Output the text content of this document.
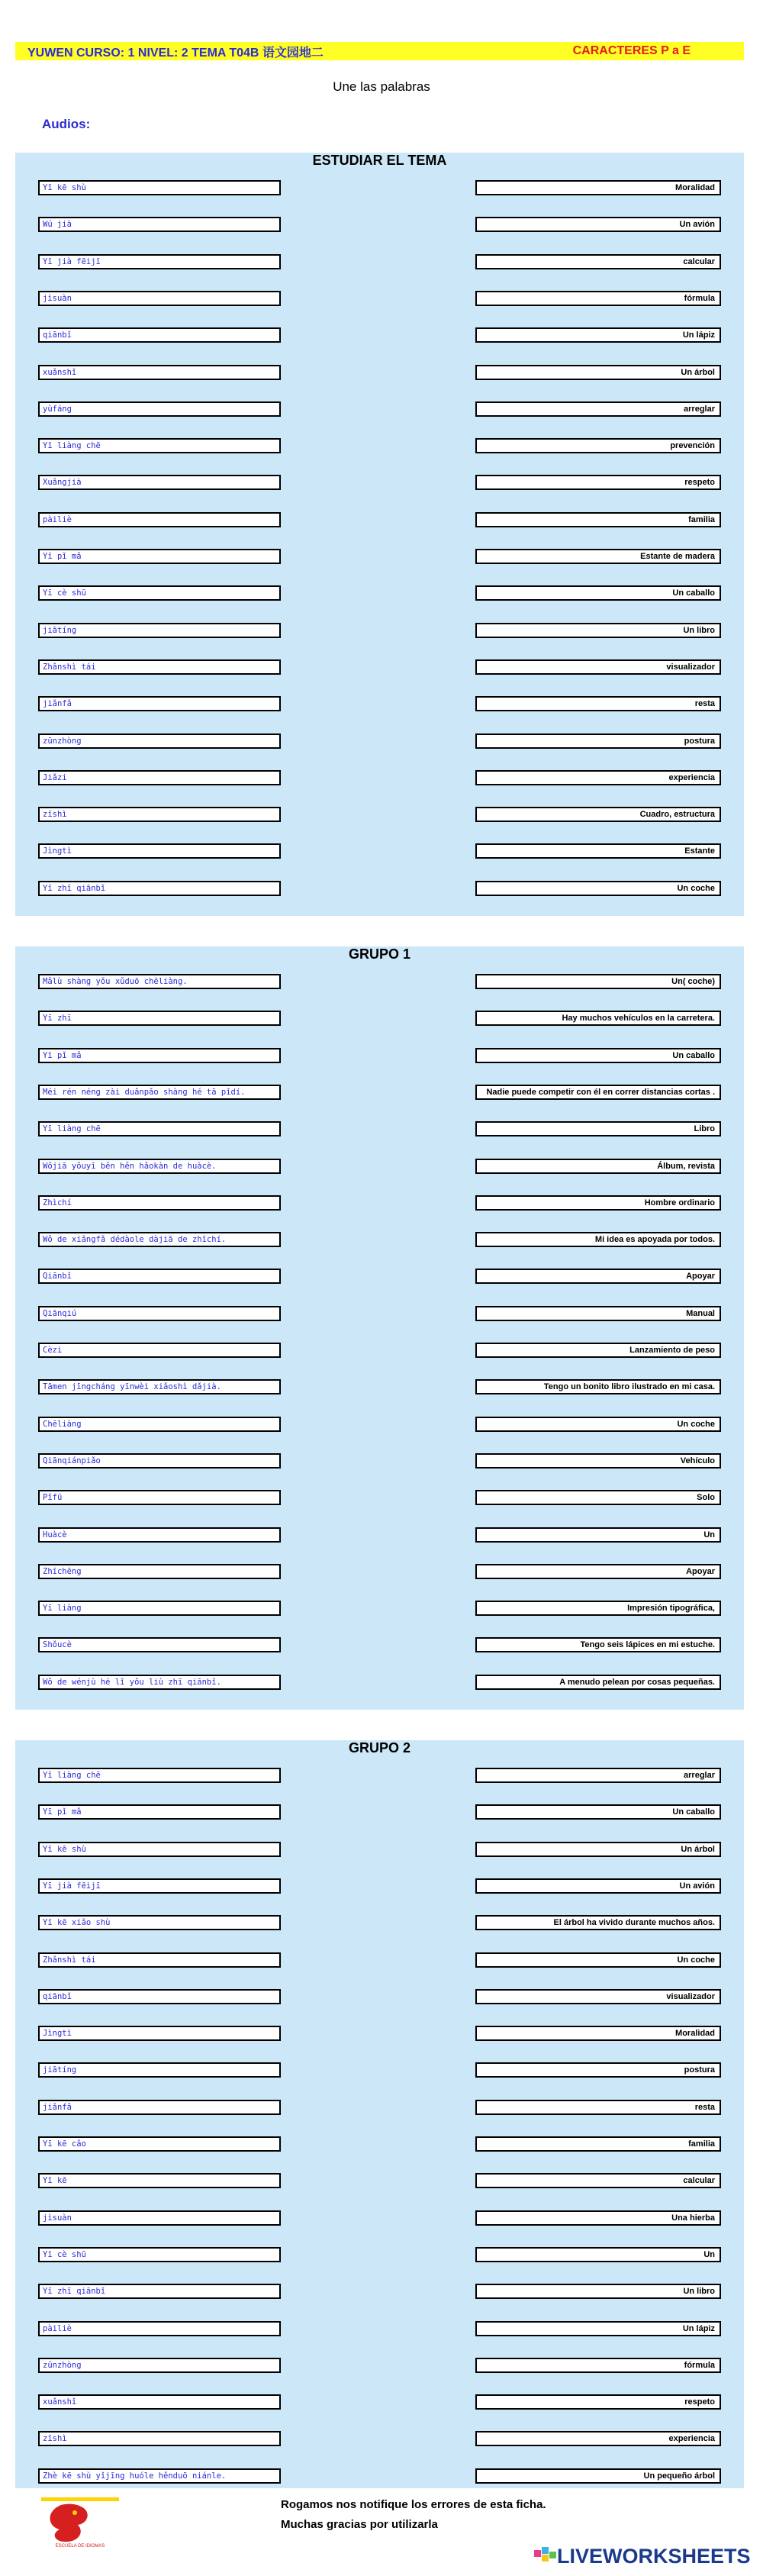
YUWEN CURSO: 1 NIVEL: 2 TEMA T04B 语文园地二	CARACTERES P a E
Une las palabras
Audios:
ESTUDIAR EL TEMA
Yī kē shù	Moralidad
Wú jià	Un avión
Yī jià fēijī	calcular
jìsuàn	fórmula
qiānbǐ	Un lápiz
xuǎnshǐ	Un árbol
yùfáng	arreglar
Yī liàng chē	prevención
Xuǎngjià	respeto
pàiliè	familia
Yī pǐ mǎ	Estante de madera
Yī cè shū	Un caballo
jiātíng	Un libro
Zhǎnshì tái	visualizador
jiǎnfǎ	resta
zūnzhòng	postura
Jiǎzi	experiencia
zīshì	Cuadro, estructura
Jìngtì	Estante
Yī zhī qiānbǐ	Un coche
GRUPO 1
Mǎlù shàng yǒu xǔduō chēliàng.	Un( coche)
Yī zhī	Hay muchos vehículos en la carretera.
Yī pǐ mǎ	Un caballo
Méi rén néng zài duǎnpǎo shàng hé tā pǐdí.	Nadie puede competir con él en correr distancias cortas .
Yī liàng chē	Libro
Wǒjiā yǒuyī běn hěn hǎokàn de huàcè.	Álbum, revista
Zhìchí	Hombre ordinario
Wǒ de xiǎngfǎ dédàole dàjiā de zhīchí.	Mi idea es apoyada por todos.
Qiānbǐ	Apoyar
Qiānqiú	Manual
Cèzi	Lanzamiento de peso
Tāmen jīngcháng yīnwèi xiǎoshì dǎjià.	Tengo un bonito libro ilustrado en mi casa.
Chēliàng	Un coche
Qiānqiánpiǎo	Vehículo
Pǐfū	Solo
Huàcè	Un
Zhīchēng	Apoyar
Yī liàng	Impresión tipográfica,
Shǒucè	Tengo seis lápices en mi estuche.
Wǒ de wénjù hé lǐ yǒu liù zhī qiānbǐ.	A menudo pelean por cosas pequeñas.
GRUPO 2
Yī liàng chē	arreglar
Yī pǐ mǎ	Un caballo
Yī kē shù	Un árbol
Yī jià fēijī	Un avión
Yī kē xiǎo shù	El árbol ha vivido durante muchos años.
Zhǎnshì tái	Un coche
qiānbǐ	visualizador
Jìngtì	Moralidad
jiātíng	postura
jiǎnfǎ	resta
Yī kē cǎo	familia
Yī kē	calcular
jìsuàn	Una hierba
Yī cè shū	Un
Yī zhī qiānbǐ	Un libro
pàiliè	Un lápiz
zūnzhòng	fórmula
xuǎnshǐ	respeto
zīshì	experiencia
Zhè kē shù yǐjīng huóle hěnduō niánle.	Un pequeño árbol
ESCUELA DE IDIOMAS
Rogamos nos notifique los errores de esta ficha.
Muchas gracias por utilizarla
LIVEWORKSHEETS
